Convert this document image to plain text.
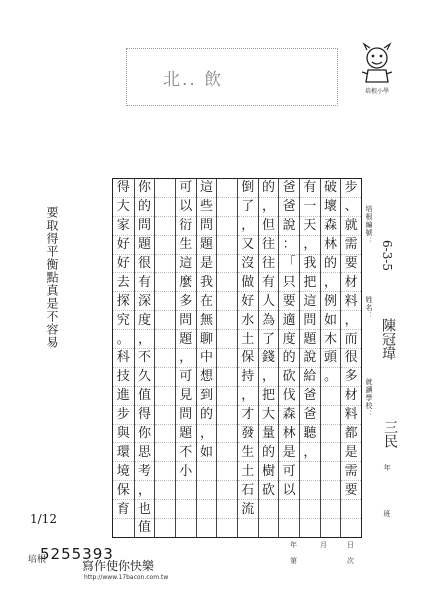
北.. 飲
培根小學
培根編號：
6-3-5
姓名：
陳冠瑋
就讀學校：
三民
年
班
步
、
就
需
要
材
料
，
而
很
多
材
料
都
是
需
要
破
壞
森
林
的
，
例
如
木
頭
。
有
一
天
，
我
把
這
問
題
說
給
爸
爸
聽
，
爸
爸
說
：
「
只
要
適
度
的
砍
伐
森
林
是
可
以
的
，
但
往
往
有
人
為
了
錢
，
把
大
量
的
樹
砍
倒
了
，
又
沒
做
好
水
土
保
持
，
才
發
生
土
石
流
這
些
問
題
是
我
在
無
聊
中
想
到
的
，
如
可
以
衍
生
這
麼
多
問
題
，
可
見
問
題
不
小
你
的
問
題
很
有
深
度
，
不
久
值
得
你
思
考
，
也
值
得
大
家
好
好
去
探
究
。
科
技
進
步
與
環
境
保
育
要取得平衡點真是不容易
1/12
培根
5255393
寫作使你快樂
http://www.17bacon.com.tw
年	月	日
第	次
